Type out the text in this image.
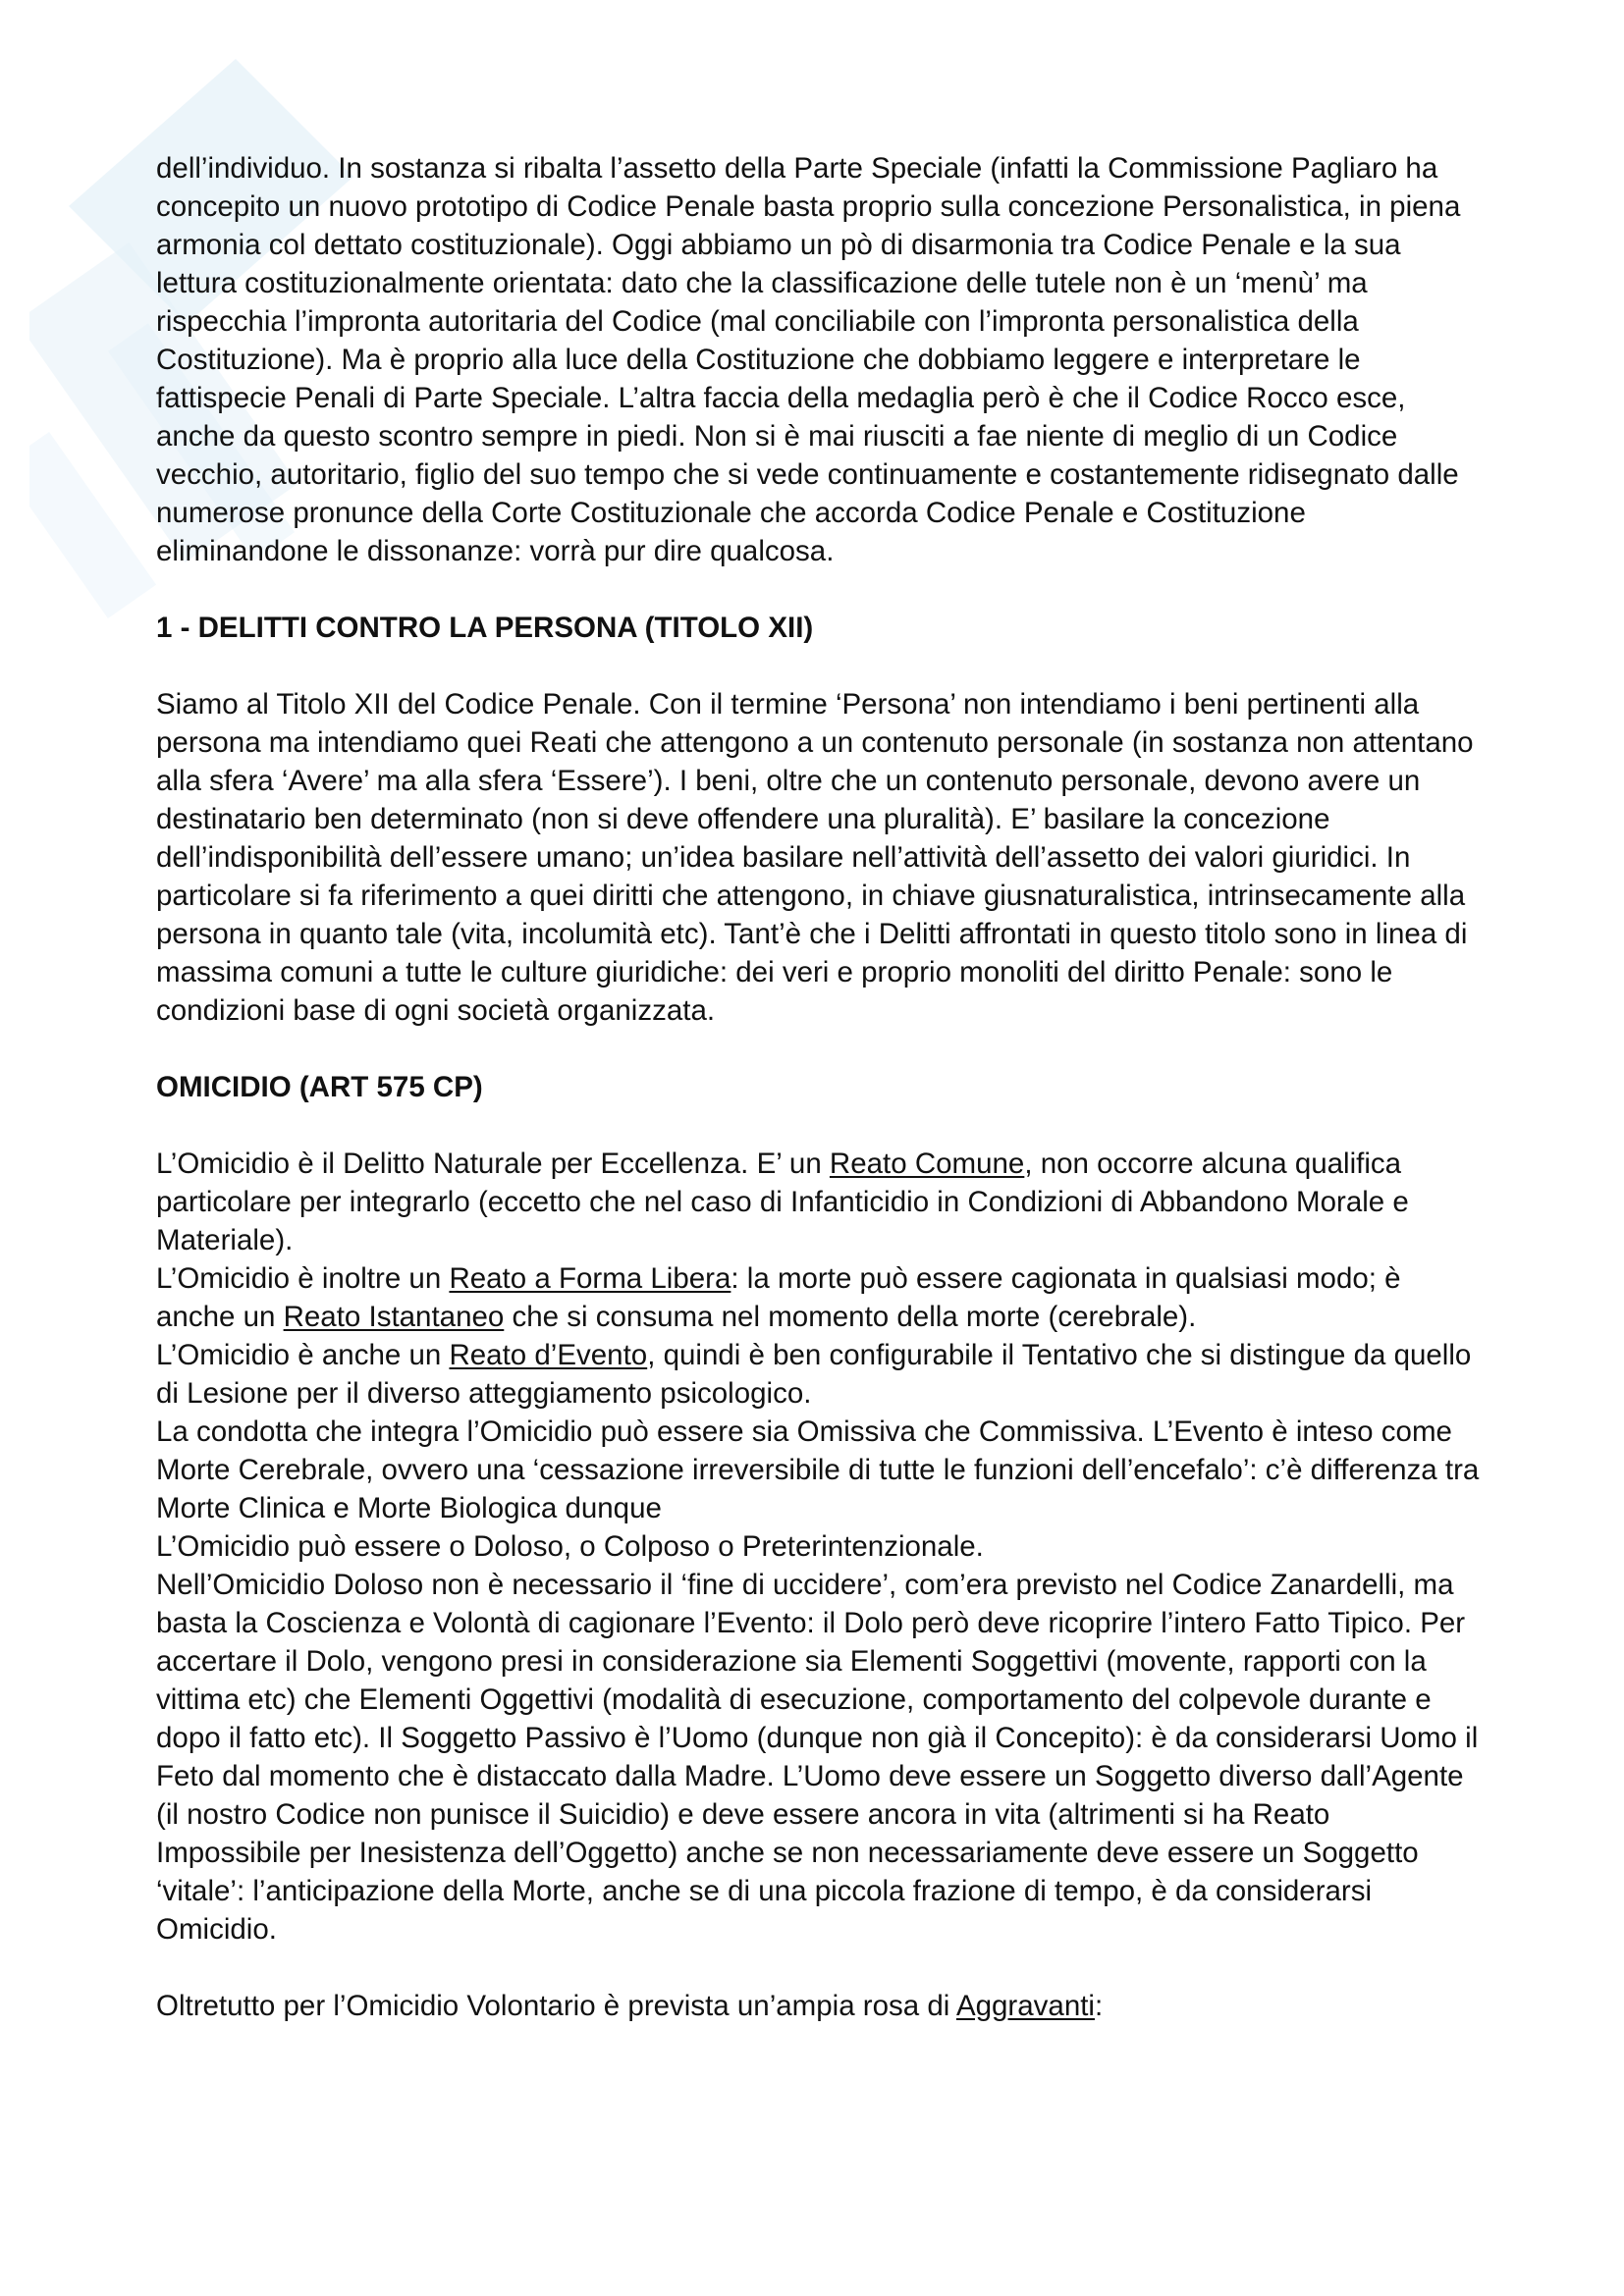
dell’individuo. In sostanza si ribalta l’assetto della Parte Speciale (infatti la Commissione Pagliaro ha concepito un nuovo prototipo di Codice Penale basta proprio sulla concezione Personalistica, in piena armonia col dettato costituzionale). Oggi abbiamo un pò di disarmonia tra Codice Penale e la sua lettura costituzionalmente orientata: dato che la classificazione delle tutele non è un ‘menù’ ma rispecchia l’impronta autoritaria del Codice (mal conciliabile con l’impronta personalistica della Costituzione). Ma è proprio alla luce della Costituzione che dobbiamo leggere e interpretare le fattispecie Penali di Parte Speciale. L’altra faccia della medaglia però è che il Codice Rocco esce, anche da questo scontro sempre in piedi. Non si è mai riusciti a fae niente di meglio di un Codice vecchio, autoritario, figlio del suo tempo che si vede continuamente e costantemente ridisegnato dalle numerose pronunce della Corte Costituzionale che accorda Codice Penale e Costituzione eliminandone le dissonanze: vorrà pur dire qualcosa.

1 - DELITTI CONTRO LA PERSONA (TITOLO XII)

Siamo al Titolo XII del Codice Penale. Con il termine ‘Persona’ non intendiamo i beni pertinenti alla persona ma intendiamo quei Reati che attengono a un contenuto personale (in sostanza non attentano alla sfera ‘Avere’ ma alla sfera ‘Essere’). I beni, oltre che un contenuto personale, devono avere un destinatario ben determinato (non si deve offendere una pluralità). E’ basilare la concezione dell’indisponibilità dell’essere umano; un’idea basilare nell’attività dell’assetto dei valori giuridici. In particolare si fa riferimento a quei diritti che attengono, in chiave giusnaturalistica, intrinsecamente alla persona in quanto tale (vita, incolumità etc). Tant’è che i Delitti affrontati in questo titolo sono in linea di massima comuni a tutte le culture giuridiche: dei veri e proprio monoliti del diritto Penale: sono le condizioni base di ogni società organizzata.

OMICIDIO (ART 575 CP)

L’Omicidio è il Delitto Naturale per Eccellenza. E’ un Reato Comune, non occorre alcuna qualifica particolare per integrarlo (eccetto che nel caso di Infanticidio in Condizioni di Abbandono Morale e Materiale).

L’Omicidio è inoltre un Reato a Forma Libera: la morte può essere cagionata in qualsiasi modo; è anche un Reato Istantaneo che si consuma nel momento della morte (cerebrale).

L’Omicidio è anche un Reato d’Evento, quindi è ben configurabile il Tentativo che si distingue da quello di Lesione per il diverso atteggiamento psicologico.

La condotta che integra l’Omicidio può essere sia Omissiva che Commissiva. L’Evento è inteso come Morte Cerebrale, ovvero una ‘cessazione irreversibile di tutte le funzioni dell’encefalo’: c’è differenza tra Morte Clinica e Morte Biologica dunque

L’Omicidio può essere o Doloso, o Colposo o Preterintenzionale.

Nell’Omicidio Doloso non è necessario il ‘fine di uccidere’, com’era previsto nel Codice Zanardelli, ma basta la Coscienza e Volontà di cagionare l’Evento: il Dolo però deve ricoprire l’intero Fatto Tipico. Per accertare il Dolo, vengono presi in considerazione sia Elementi Soggettivi (movente, rapporti con la vittima etc) che Elementi Oggettivi (modalità di esecuzione, comportamento del colpevole durante e dopo il fatto etc). Il Soggetto Passivo è l’Uomo (dunque non già il Concepito): è da considerarsi Uomo il Feto dal momento che è distaccato dalla Madre. L’Uomo deve essere un Soggetto diverso dall’Agente (il nostro Codice non punisce il Suicidio) e deve essere ancora in vita (altrimenti si ha Reato Impossibile per Inesistenza dell’Oggetto) anche se non necessariamente deve essere un Soggetto ‘vitale’: l’anticipazione della Morte, anche se di una piccola frazione di tempo, è da considerarsi Omicidio.

Oltretutto per l’Omicidio Volontario è prevista un’ampia rosa di Aggravanti:
